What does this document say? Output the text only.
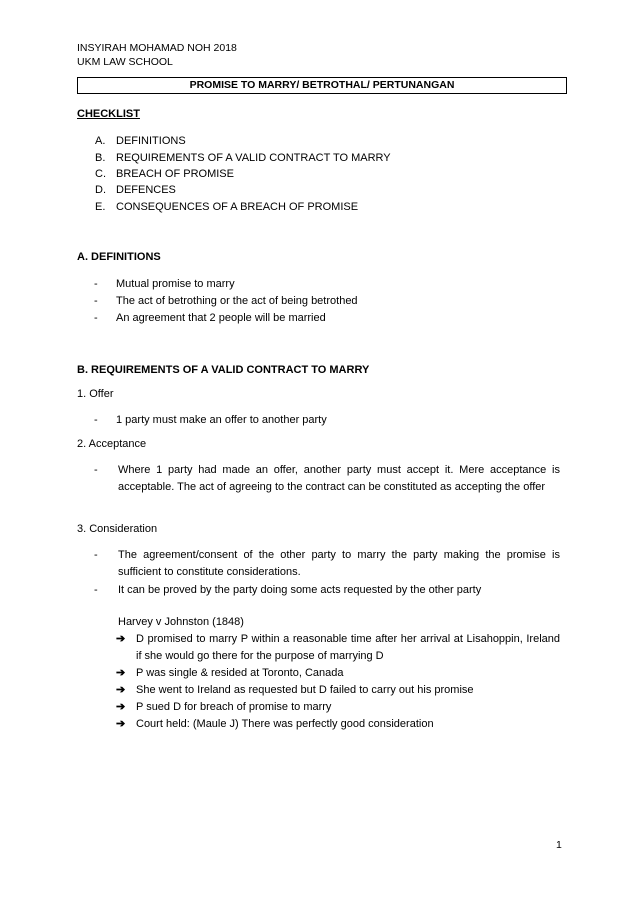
INSYIRAH MOHAMAD NOH 2018
UKM LAW SCHOOL
PROMISE TO MARRY/ BETROTHAL/ PERTUNANGAN
CHECKLIST
A. DEFINITIONS
B. REQUIREMENTS OF A VALID CONTRACT TO MARRY
C. BREACH OF PROMISE
D. DEFENCES
E. CONSEQUENCES OF A BREACH OF PROMISE
A. DEFINITIONS
- Mutual promise to marry
- The act of betrothing or the act of being betrothed
- An agreement that 2 people will be married
B. REQUIREMENTS OF A VALID CONTRACT TO MARRY
1. Offer
- 1 party must make an offer to another party
2. Acceptance
- Where 1 party had made an offer, another party must accept it. Mere acceptance is acceptable. The act of agreeing to the contract can be constituted as accepting the offer
3. Consideration
- The agreement/consent of the other party to marry the party making the promise is sufficient to constitute considerations.
- It can be proved by the party doing some acts requested by the other party
Harvey v Johnston (1848)
➔ D promised to marry P within a reasonable time after her arrival at Lisahoppin, Ireland if she would go there for the purpose of marrying D
➔ P was single & resided at Toronto, Canada
➔ She went to Ireland as requested but D failed to carry out his promise
➔ P sued D for breach of promise to marry
➔ Court held: (Maule J) There was perfectly good consideration
1
